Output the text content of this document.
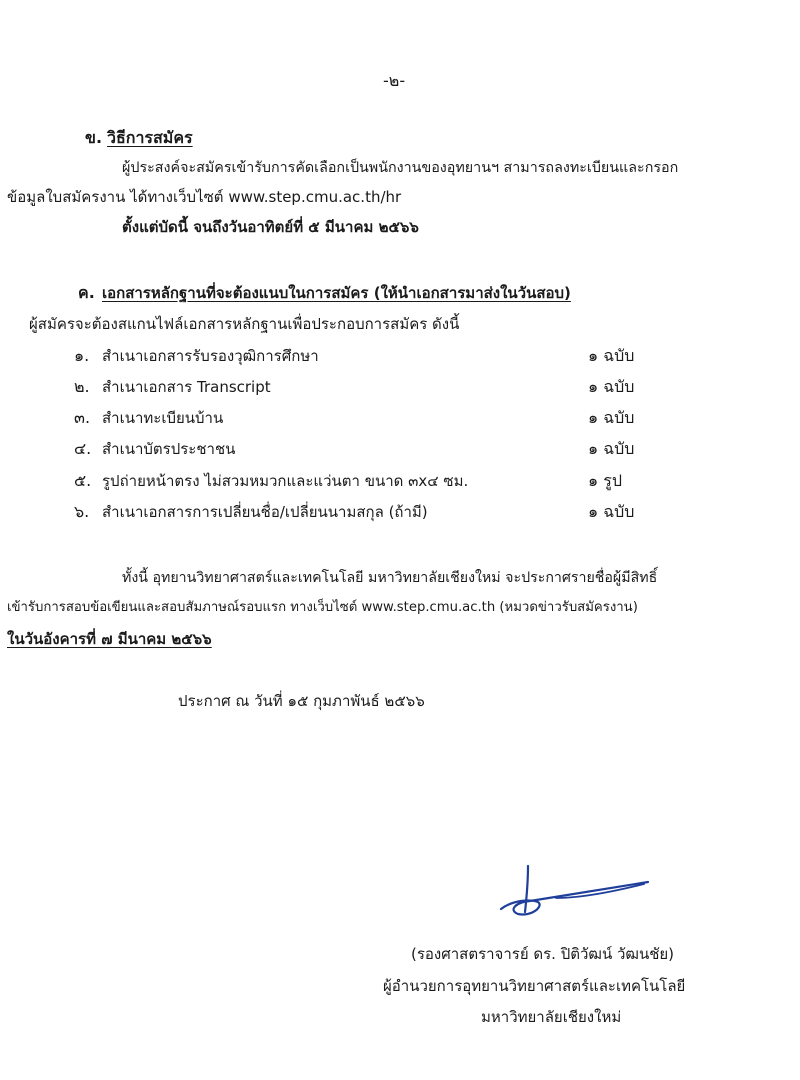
-๒-
ข. วิธีการสมัคร
ผู้ประสงค์จะสมัครเข้ารับการคัดเลือกเป็นพนักงานของอุทยานฯ สามารถลงทะเบียนและกรอก
ข้อมูลใบสมัครงาน ได้ทางเว็บไซต์ www.step.cmu.ac.th/hr
ตั้งแต่บัดนี้ จนถึงวันอาทิตย์ที่ ๕ มีนาคม ๒๕๖๖
ค. เอกสารหลักฐานที่จะต้องแนบในการสมัคร (ให้นำเอกสารมาส่งในวันสอบ)
ผู้สมัครจะต้องสแกนไฟล์เอกสารหลักฐานเพื่อประกอบการสมัคร ดังนี้
๑. สำเนาเอกสารรับรองวุฒิการศึกษา	๑ ฉบับ
๒. สำเนาเอกสาร Transcript	๑ ฉบับ
๓. สำเนาทะเบียนบ้าน	๑ ฉบับ
๔. สำเนาบัตรประชาชน	๑ ฉบับ
๕. รูปถ่ายหน้าตรง ไม่สวมหมวกและแว่นตา ขนาด ๓x๔ ซม.	๑ รูป
๖. สำเนาเอกสารการเปลี่ยนชื่อ/เปลี่ยนนามสกุล (ถ้ามี)	๑ ฉบับ
ทั้งนี้ อุทยานวิทยาศาสตร์และเทคโนโลยี มหาวิทยาลัยเชียงใหม่ จะประกาศรายชื่อผู้มีสิทธิ์
เข้ารับการสอบข้อเขียนและสอบสัมภาษณ์รอบแรก ทางเว็บไซต์ www.step.cmu.ac.th (หมวดข่าวรับสมัครงาน)
ในวันอังคารที่ ๗ มีนาคม ๒๕๖๖
ประกาศ ณ วันที่ ๑๕ กุมภาพันธ์ ๒๕๖๖
(รองศาสตราจารย์ ดร. ปิติวัฒน์ วัฒนชัย)
ผู้อำนวยการอุทยานวิทยาศาสตร์และเทคโนโลยี
มหาวิทยาลัยเชียงใหม่
